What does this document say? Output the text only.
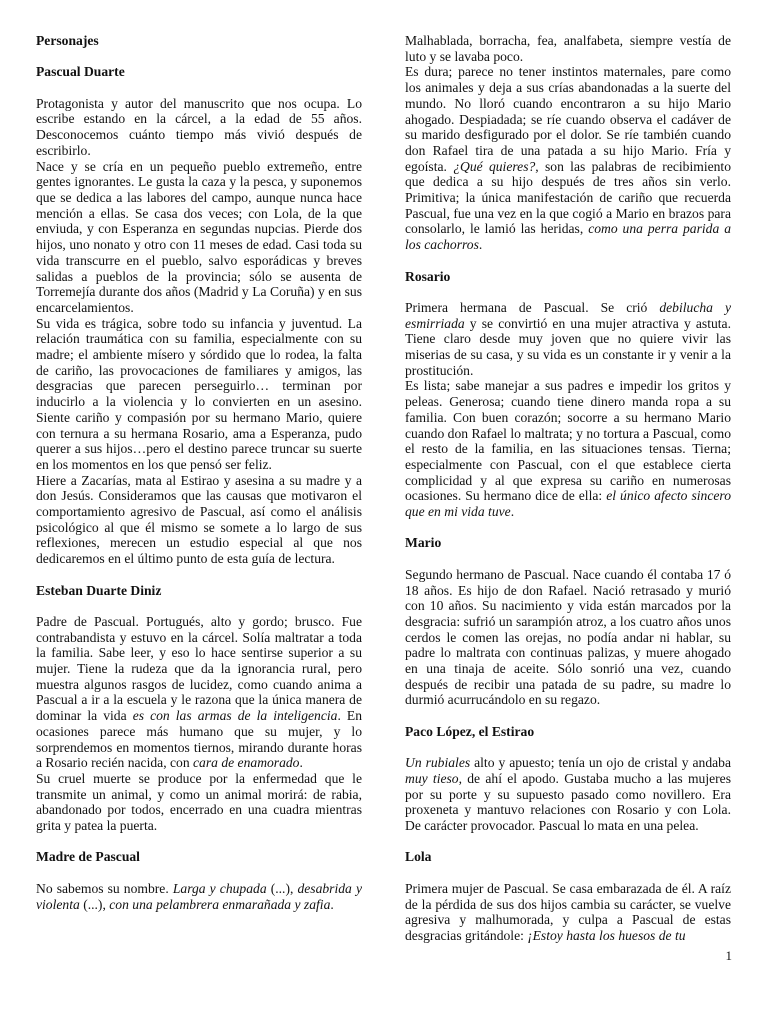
Personajes
Pascual Duarte

Protagonista y autor del manuscrito que nos ocupa. Lo escribe estando en la cárcel, a la edad de 55 años. Desconocemos cuánto tiempo más vivió después de escribirlo.

Nace y se cría en un pequeño pueblo extremeño, entre gentes ignorantes. Le gusta la caza y la pesca, y suponemos que se dedica a las labores del campo, aunque nunca hace mención a ellas. Se casa dos veces; con Lola, de la que enviuda, y con Esperanza en segundas nupcias. Pierde dos hijos, uno nonato y otro con 11 meses de edad. Casi toda su vida transcurre en el pueblo, salvo esporádicas y breves salidas a pueblos de la provincia; sólo se ausenta de Torremejía durante dos años (Madrid y La Coruña) y en sus encarcelamientos.

Su vida es trágica, sobre todo su infancia y juventud. La relación traumática con su familia, especialmente con su madre; el ambiente mísero y sórdido que lo rodea, la falta de cariño, las provocaciones de familiares y amigos, las desgracias que parecen perseguirlo… terminan por inducirlo a la violencia y lo convierten en un asesino. Siente cariño y compasión por su hermano Mario, quiere con ternura a su hermana Rosario, ama a Esperanza, pudo querer a sus hijos…pero el destino parece truncar su suerte en los momentos en los que pensó ser feliz.

Hiere a Zacarías, mata al Estirao y asesina a su madre y a don Jesús. Consideramos que las causas que motivaron el comportamiento agresivo de Pascual, así como el análisis psicológico al que él mismo se somete a lo largo de sus reflexiones, merecen un estudio especial al que nos dedicaremos en el último punto de esta guía de lectura.

Esteban Duarte Diniz

Padre de Pascual. Portugués, alto y gordo; brusco. Fue contrabandista y estuvo en la cárcel. Solía maltratar a toda la familia. Sabe leer, y eso lo hace sentirse superior a su mujer. Tiene la rudeza que da la ignorancia rural, pero muestra algunos rasgos de lucidez, como cuando anima a Pascual a ir a la escuela y le razona que la única manera de dominar la vida es con las armas de la inteligencia. En ocasiones parece más humano que su mujer, y lo sorprendemos en momentos tiernos, mirando durante horas a Rosario recién nacida, con cara de enamorado.

Su cruel muerte se produce por la enfermedad que le transmite un animal, y como un animal morirá: de rabia, abandonado por todos, encerrado en una cuadra mientras grita y patea la puerta.

Madre de Pascual

No sabemos su nombre. Larga y chupada (...), desabrida y violenta (...), con una pelambrera enmarañada y zafia.

Malhablada, borracha, fea, analfabeta, siempre vestía de luto y se lavaba poco.

Es dura; parece no tener instintos maternales, pare como los animales y deja a sus crías abandonadas a la suerte del mundo. No lloró cuando encontraron a su hijo Mario ahogado. Despiadada; se ríe cuando observa el cadáver de su marido desfigurado por el dolor. Se ríe también cuando don Rafael tira de una patada a su hijo Mario. Fría y egoísta. ¿Qué quieres?, son las palabras de recibimiento que dedica a su hijo después de tres años sin verlo. Primitiva; la única manifestación de cariño que recuerda Pascual, fue una vez en la que cogió a Mario en brazos para consolarlo, le lamió las heridas, como una perra parida a los cachorros.

Rosario

Primera hermana de Pascual. Se crió debilucha y esmirriada y se convirtió en una mujer atractiva y astuta. Tiene claro desde muy joven que no quiere vivir las miserias de su casa, y su vida es un constante ir y venir a la prostitución.

Es lista; sabe manejar a sus padres e impedir los gritos y peleas. Generosa; cuando tiene dinero manda ropa a su familia. Con buen corazón; socorre a su hermano Mario cuando don Rafael lo maltrata; y no tortura a Pascual, como el resto de la familia, en las situaciones tensas. Tierna; especialmente con Pascual, con el que establece cierta complicidad y al que expresa su cariño en numerosas ocasiones. Su hermano dice de ella: el único afecto sincero que en mi vida tuve.

Mario

Segundo hermano de Pascual. Nace cuando él contaba 17 ó 18 años. Es hijo de don Rafael. Nació retrasado y murió con 10 años. Su nacimiento y vida están marcados por la desgracia: sufrió un sarampión atroz, a los cuatro años unos cerdos le comen las orejas, no podía andar ni hablar, su padre lo maltrata con continuas palizas, y muere ahogado en una tinaja de aceite. Sólo sonrió una vez, cuando después de recibir una patada de su padre, su madre lo durmió acurrucándolo en su regazo.

Paco López, el Estirao

Un rubiales alto y apuesto; tenía un ojo de cristal y andaba muy tieso, de ahí el apodo. Gustaba mucho a las mujeres por su porte y su supuesto pasado como novillero. Era proxeneta y mantuvo relaciones con Rosario y con Lola. De carácter provocador. Pascual lo mata en una pelea.

Lola

Primera mujer de Pascual. Se casa embarazada de él. A raíz de la pérdida de sus dos hijos cambia su carácter, se vuelve agresiva y malhumorada, y culpa a Pascual de estas desgracias gritándole: ¡Estoy hasta los huesos de tu

1
